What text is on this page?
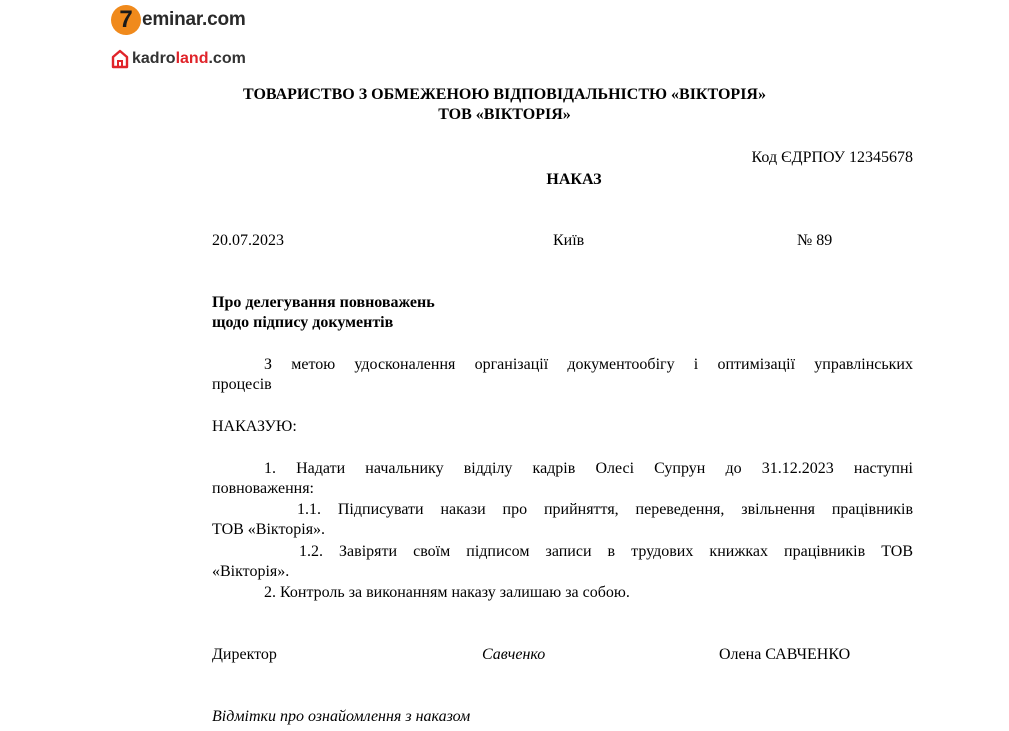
7 eminar.com
kadroland.com
ТОВАРИСТВО З ОБМЕЖЕНОЮ ВІДПОВІДАЛЬНІСТЮ «ВІКТОРІЯ»
ТОВ «ВІКТОРІЯ»
Код ЄДРПОУ 12345678
НАКАЗ
20.07.2023	Київ	№ 89
Про делегування повноважень
щодо підпису документів
З метою удосконалення організації документообігу і оптимізації управлінських
процесів
НАКАЗУЮ:
1. Надати начальнику відділу кадрів Олесі Супрун до 31.12.2023 наступні
повноваження:
1.1. Підписувати накази про прийняття, переведення, звільнення працівників
ТОВ «Вікторія».
1.2. Завіряти своїм підписом записи в трудових книжках працівників ТОВ
«Вікторія».
2. Контроль за виконанням наказу залишаю за собою.
Директор	Савченко	Олена САВЧЕНКО
Відмітки про ознайомлення з наказом
